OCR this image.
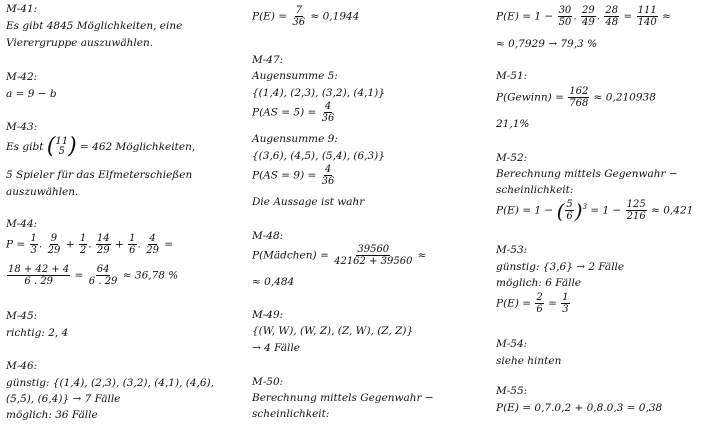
M-41:
Es gibt 4845 Möglichkeiten, eine
Vierergruppe auszuwählen.
M-42:
a = 9 − b
M-43:
Es gibt ( 11
5 ) = 462 Möglichkeiten,
5 Spieler für das Elfmeterschießen
auszuwählen.
M-44:
$P = \frac{1}{3}$ . $\frac{9}{29} + \frac{1}{2}$ . $\frac{14}{29} + \frac{1}{6}$ . $\frac{4}{29}$ =
$\frac{18 + 42 + 4}{6 . 29} = \frac{64}{6 . 29} \approx 36,78$ %
M-45:
richtig: 2, 4
M-46:
günstig: {(1,4), (2,3), (3,2), (4,1), (4,6),
(5,5), (6,4)} → 7 Fälle
möglich: 36 Fälle
$P(E) = \frac{7}{36} \approx 0,1944$
M-47:
Augensumme 5:
{(1,4), (2,3), (3,2), (4,1)}
$P(AS = 5) = \frac{4}{36}$
Augensumme 9:
{(3,6), (4,5), (5,4), (6,3)}
$P(AS = 9) = \frac{4}{36}$
Die Aussage ist wahr
M-48:
P(Mädchen) = $\frac{39560}{42162 + 39560}$ ≈
≈ 0,484
M-49:
{(W, W), (W, Z), (Z, W), (Z, Z)}
→ 4 Fälle
M-50:
Berechnung mittels Gegenwahr −
scheinlichkeit:
$P(E) = 1 - \frac{30}{50}$ . $\frac{29}{49}$ . $\frac{28}{48} = \frac{111}{140}$ ≈
≈ 0,7929 → 79,3 %
M-51:
P(Gewinn) = $\frac{162}{768} \approx 0,210938$
21,1%
M-52:
Berechnung mittels Gegenwahr −
scheinlichkeit:
P(E) = 1 − ( $\frac{5}{6}$ ) $^3 = 1 - \frac{125}{216} \approx 0,421$
M-53:
günstig: {3,6} → 2 Fälle
möglich: 6 Fälle
$P(E) = \frac{2}{6} = \frac{1}{3}$
M-54:
siehe hinten
M-55:
P(E) = 0,7.0,2 + 0,8.0,3 = 0,38
